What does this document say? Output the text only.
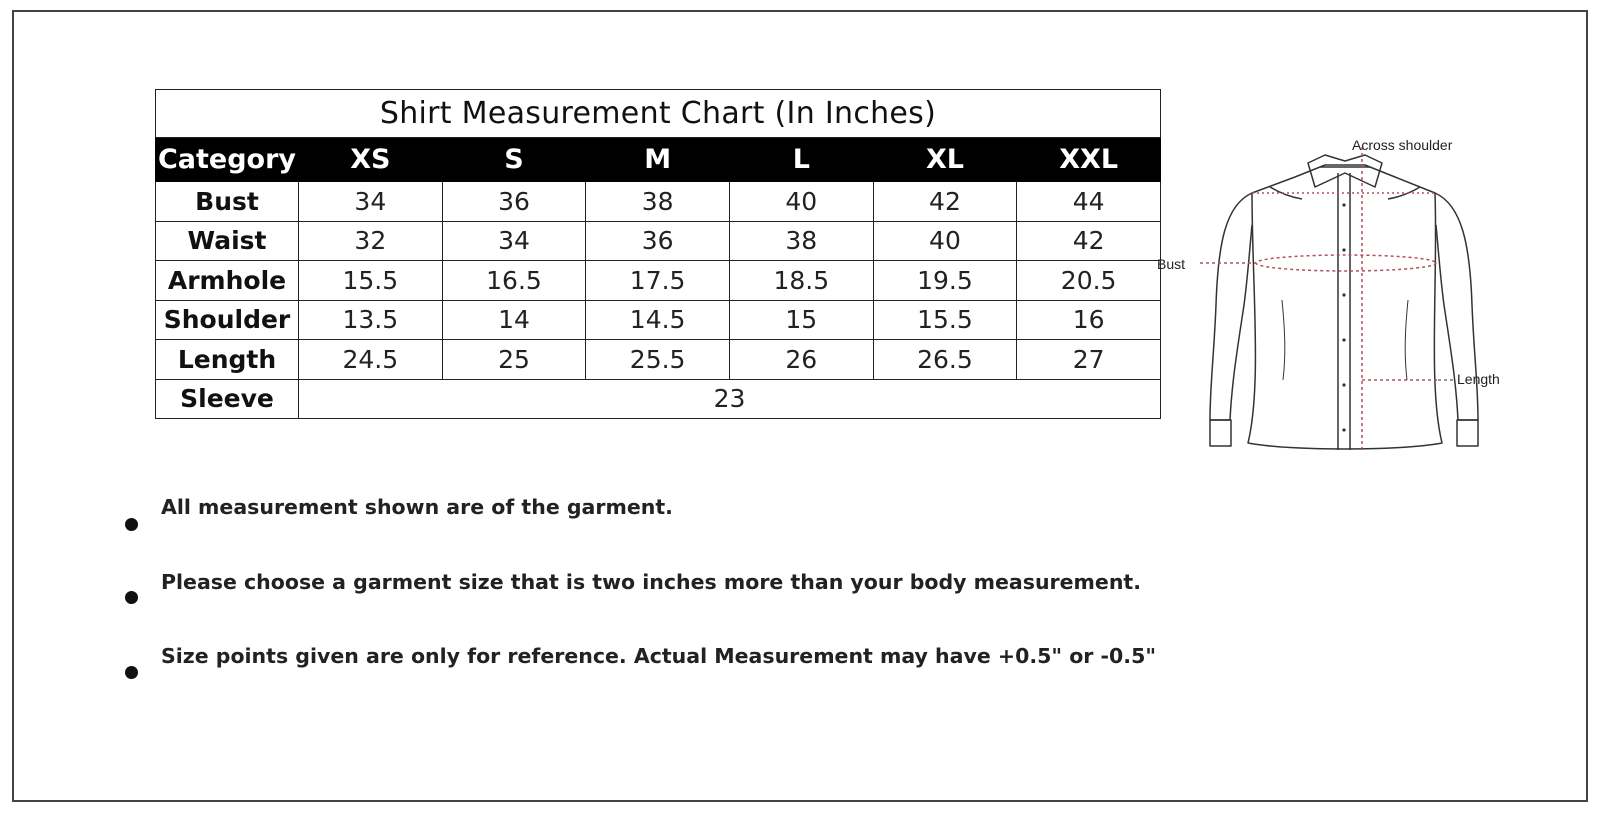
Shirt Measurement Chart (In Inches)						
Category	XS	S	M	L	XL	XXL
Bust	34	36	38	40	42	44
Waist	32	34	36	38	40	42
Armhole	15.5	16.5	17.5	18.5	19.5	20.5
Shoulder	13.5	14	14.5	15	15.5	16
Length	24.5	25	25.5	26	26.5	27
Sleeve	23					
Across shoulder
Bust
Length
All measurement shown are of the garment.
Please choose a garment size that is two inches more than your body measurement.
Size points given are only for reference. Actual Measurement may have +0.5" or -0.5"
